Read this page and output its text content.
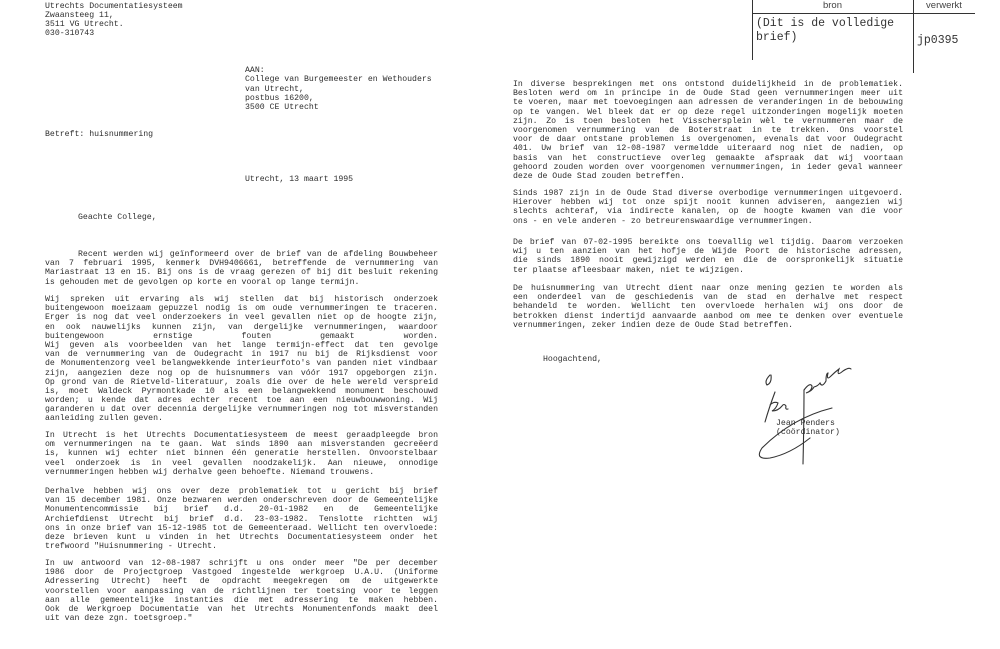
Utrechts Documentatiesysteem
Zwaansteeg 11,
3511 VG Utrecht.
030-310743
AAN:
College van Burgemeester en Wethouders
van Utrecht,
postbus 16200,
3500 CE Utrecht
Betreft: huisnummering
Utrecht, 13 maart 1995
Geachte College,
Recent werden wij geïnformeerd over de brief van de afdeling Bouwbeheer
van 7 februari 1995, kenmerk DVH9406661, betreffende de vernummering van
Mariastraat 13 en 15. Bij ons is de vraag gerezen of bij dit besluit rekening
is gehouden met de gevolgen op korte en vooral op lange termijn.
Wij spreken uit ervaring als wij stellen dat bij historisch onderzoek
buitengewoon moeizaam gepuzzel nodig is om oude vernummeringen te traceren.
Erger is nog dat veel onderzoekers in veel gevallen niet op de hoogte zijn,
en ook nauwelijks kunnen zijn, van dergelijke vernummeringen, waardoor
buitengewoon ernstige fouten gemaakt worden.
Wij geven als voorbeelden van het lange termijn-effect dat ten gevolge
van de vernummering van de Oudegracht in 1917 nu bij de Rijksdienst voor
de Monumentenzorg veel belangwekkende interieurfoto's van panden niet vindbaar
zijn, aangezien deze nog op de huisnummers van vóór 1917 opgeborgen zijn.
Op grond van de Rietveld-literatuur, zoals die over de hele wereld verspreid
is, moet Waldeck Pyrmontkade 10 als een belangwekkend monument beschouwd
worden; u kende dat adres echter recent toe aan een nieuwbouwwoning. Wij
garanderen u dat over decennia dergelijke vernummeringen nog tot misverstanden
aanleiding zullen geven.
In Utrecht is het Utrechts Documentatiesysteem de meest geraadpleegde bron
om vernummeringen na te gaan. Wat sinds 1890 aan misverstanden gecreëerd
is, kunnen wij echter niet binnen één generatie herstellen. Onvoorstelbaar
veel onderzoek is in veel gevallen noodzakelijk. Aan nieuwe, onnodige
vernummeringen hebben wij derhalve geen behoefte. Niemand trouwens.
Derhalve hebben wij ons over deze problematiek tot u gericht bij brief
van 15 december 1981. Onze bezwaren werden onderschreven door de Gemeentelijke
Monumentencommissie bij brief d.d. 20-01-1982 en de Gemeentelijke
Archiefdienst Utrecht bij brief d.d. 23-03-1982. Tenslotte richtten wij
ons in onze brief van 15-12-1985 tot de Gemeenteraad. Wellicht ten overvloede:
deze brieven kunt u vinden in het Utrechts Documentatiesysteem onder het
trefwoord "Huisnummering - Utrecht.
In uw antwoord van 12-08-1987 schrijft u ons onder meer "De per december
1986 door de Projectgroep Vastgoed ingestelde werkgroep U.A.U. (Uniforme
Adressering Utrecht) heeft de opdracht meegekregen om de uitgewerkte
voorstellen voor aanpassing van de richtlijnen ter toetsing voor te leggen
aan alle gemeentelijke instanties die met adressering te maken hebben.
Ook de Werkgroep Documentatie van het Utrechts Monumentenfonds maakt deel
uit van deze zgn. toetsgroep."
bron	verwerkt
(Dit is de volledige
brief)	jp0395
In diverse besprekingen met ons ontstond duidelijkheid in de problematiek.
Besloten werd om in principe in de Oude Stad geen vernummeringen meer uit
te voeren, maar met toevoegingen aan adressen de veranderingen in de bebouwing
op te vangen. Wel bleek dat er op deze regel uitzonderingen mogelijk moeten
zijn. Zo is toen besloten het Visschersplein wèl te vernummeren maar de
voorgenomen vernummering van de Boterstraat in te trekken. Ons voorstel
voor de daar ontstane problemen is overgenomen, evenals dat voor Oudegracht
401. Uw brief van 12-08-1987 vermeldde uiteraard nog niet de nadien, op
basis van het constructieve overleg gemaakte afspraak dat wij voortaan
gehoord zouden worden over voorgenomen vernummeringen, in ieder geval wanneer
deze de Oude Stad zouden betreffen.
Sinds 1987 zijn in de Oude Stad diverse overbodige vernummeringen uitgevoerd.
Hierover hebben wij tot onze spijt nooit kunnen adviseren, aangezien wij
slechts achteraf, via indirecte kanalen, op de hoogte kwamen van die voor
ons - en vele anderen - zo betreurenswaardige vernummeringen.
De brief van 07-02-1995 bereikte ons toevallig wel tijdig. Daarom verzoeken
wij u ten aanzien van het hofje de Wijde Poort de historische adressen,
die sinds 1890 nooit gewijzigd werden en die de oorspronkelijk situatie
ter plaatse afleesbaar maken, niet te wijzigen.
De huisnummering van Utrecht dient naar onze mening gezien te worden als
een onderdeel van de geschiedenis van de stad en derhalve met respect
behandeld te worden. Wellicht ten overvloede herhalen wij ons door de
betrokken dienst indertijd aanvaarde aanbod om mee te denken over eventuele
vernummeringen, zeker indien deze de Oude Stad betreffen.
Hoogachtend,
Jean Penders
(coördinator)
